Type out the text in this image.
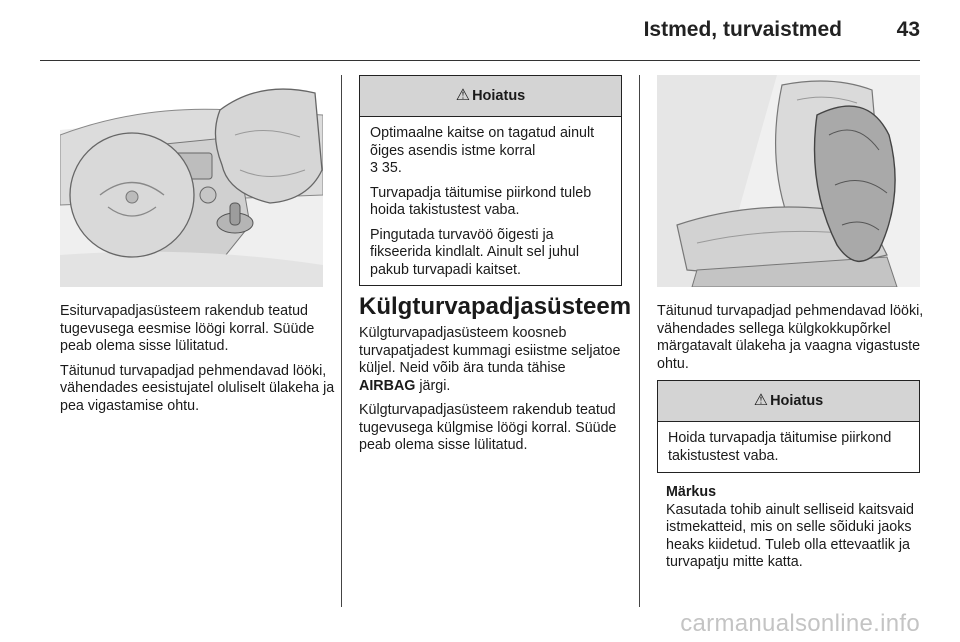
Istmed, turvaistmed	43

Esiturvapadjasüsteem rakendub teatud tugevusega eesmise löögi korral. Süüde peab olema sisse lülitatud.

Täitunud turvapadjad pehmendavad lööki, vähendades eesistujatel oluliselt ülakeha ja pea vigastamise ohtu.

⚠ Hoiatus

Optimaalne kaitse on tagatud ainult õiges asendis istme korral
3 35.

Turvapadja täitumise piirkond tuleb hoida takistustest vaba.

Pingutada turvavöö õigesti ja fikseerida kindlalt. Ainult sel juhul pakub turvapadi kaitset.

Külgturvapadjasüsteem

Külgturvapadjasüsteem koosneb turvapatjadest kummagi esiistme seljatoe küljel. Neid võib ära tunda tähise AIRBAG järgi.

Külgturvapadjasüsteem rakendub teatud tugevusega külgmise löögi korral. Süüde peab olema sisse lülitatud.

Täitunud turvapadjad pehmendavad lööki, vähendades sellega külgkokkupõrkel märgatavalt ülakeha ja vaagna vigastuste ohtu.

⚠ Hoiatus

Hoida turvapadja täitumise piirkond takistustest vaba.

Märkus

Kasutada tohib ainult selliseid kaitsvaid istmekatteid, mis on selle sõiduki jaoks heaks kiidetud. Tuleb olla ettevaatlik ja turvapatju mitte katta.

carmanualsonline.info
